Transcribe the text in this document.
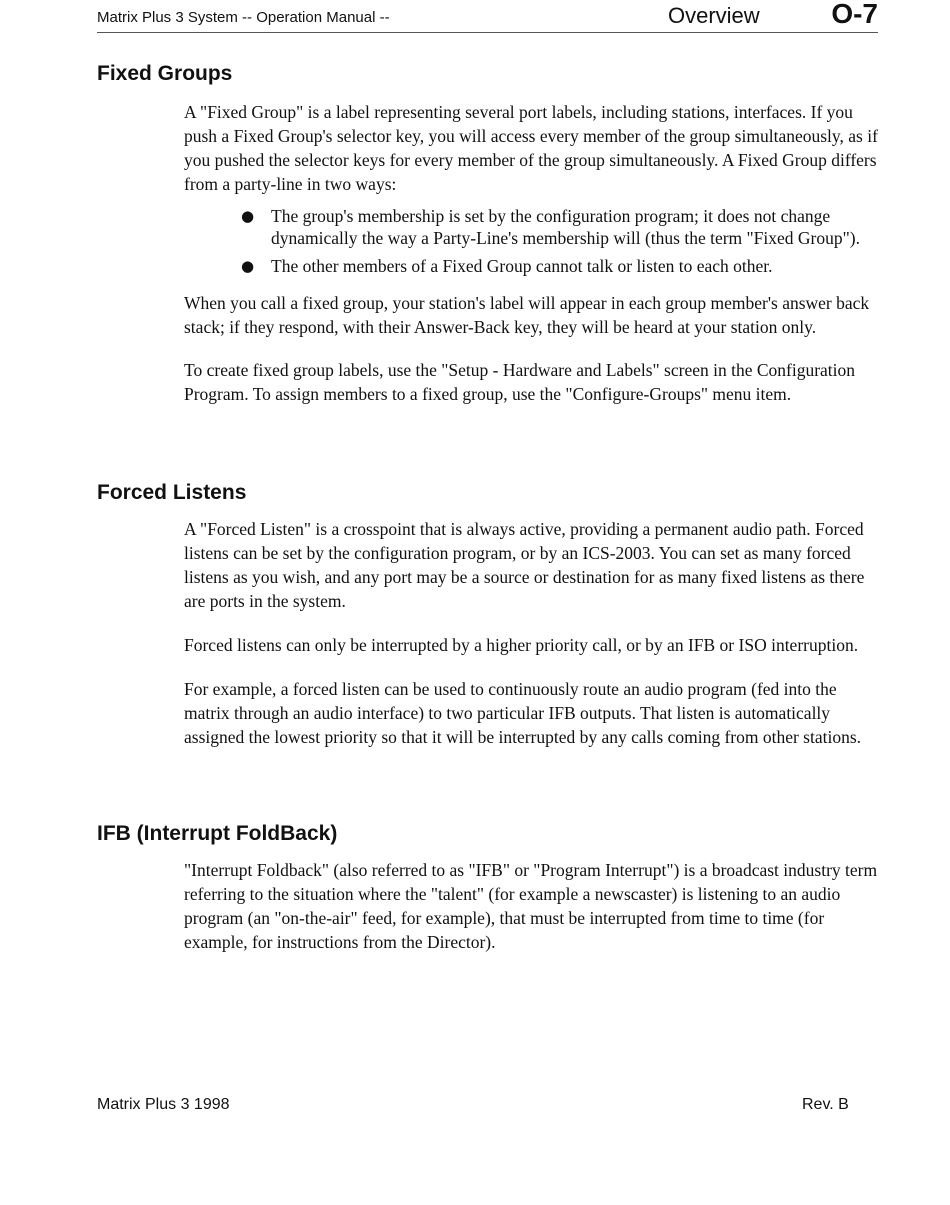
Matrix Plus 3 System -- Operation Manual --	Overview	O-7
Fixed Groups

A "Fixed Group" is a label representing several port labels, including stations, interfaces. If you push a Fixed Group's selector key, you will access every member of the group simultaneously, as if you pushed the selector keys for every member of the group simultaneously. A Fixed Group differs from a party-line in two ways:

● The group's membership is set by the configuration program; it does not change dynamically the way a Party-Line's membership will (thus the term "Fixed Group").
● The other members of a Fixed Group cannot talk or listen to each other.

When you call a fixed group, your station's label will appear in each group member's answer back stack; if they respond, with their Answer-Back key, they will be heard at your station only.

To create fixed group labels, use the "Setup - Hardware and Labels" screen in the Configuration Program. To assign members to a fixed group, use the "Configure-Groups" menu item.

Forced Listens

A "Forced Listen" is a crosspoint that is always active, providing a permanent audio path. Forced listens can be set by the configuration program, or by an ICS-2003. You can set as many forced listens as you wish, and any port may be a source or destination for as many fixed listens as there are ports in the system.

Forced listens can only be interrupted by a higher priority call, or by an IFB or ISO interruption.

For example, a forced listen can be used to continuously route an audio program (fed into the matrix through an audio interface) to two particular IFB outputs. That listen is automatically assigned the lowest priority so that it will be interrupted by any calls coming from other stations.

IFB (Interrupt FoldBack)

"Interrupt Foldback" (also referred to as "IFB" or "Program Interrupt") is a broadcast industry term referring to the situation where the "talent" (for example a newscaster) is listening to an audio program (an "on-the-air" feed, for example), that must be interrupted from time to time (for example, for instructions from the Director).

Matrix Plus 3 1998	Rev. B
